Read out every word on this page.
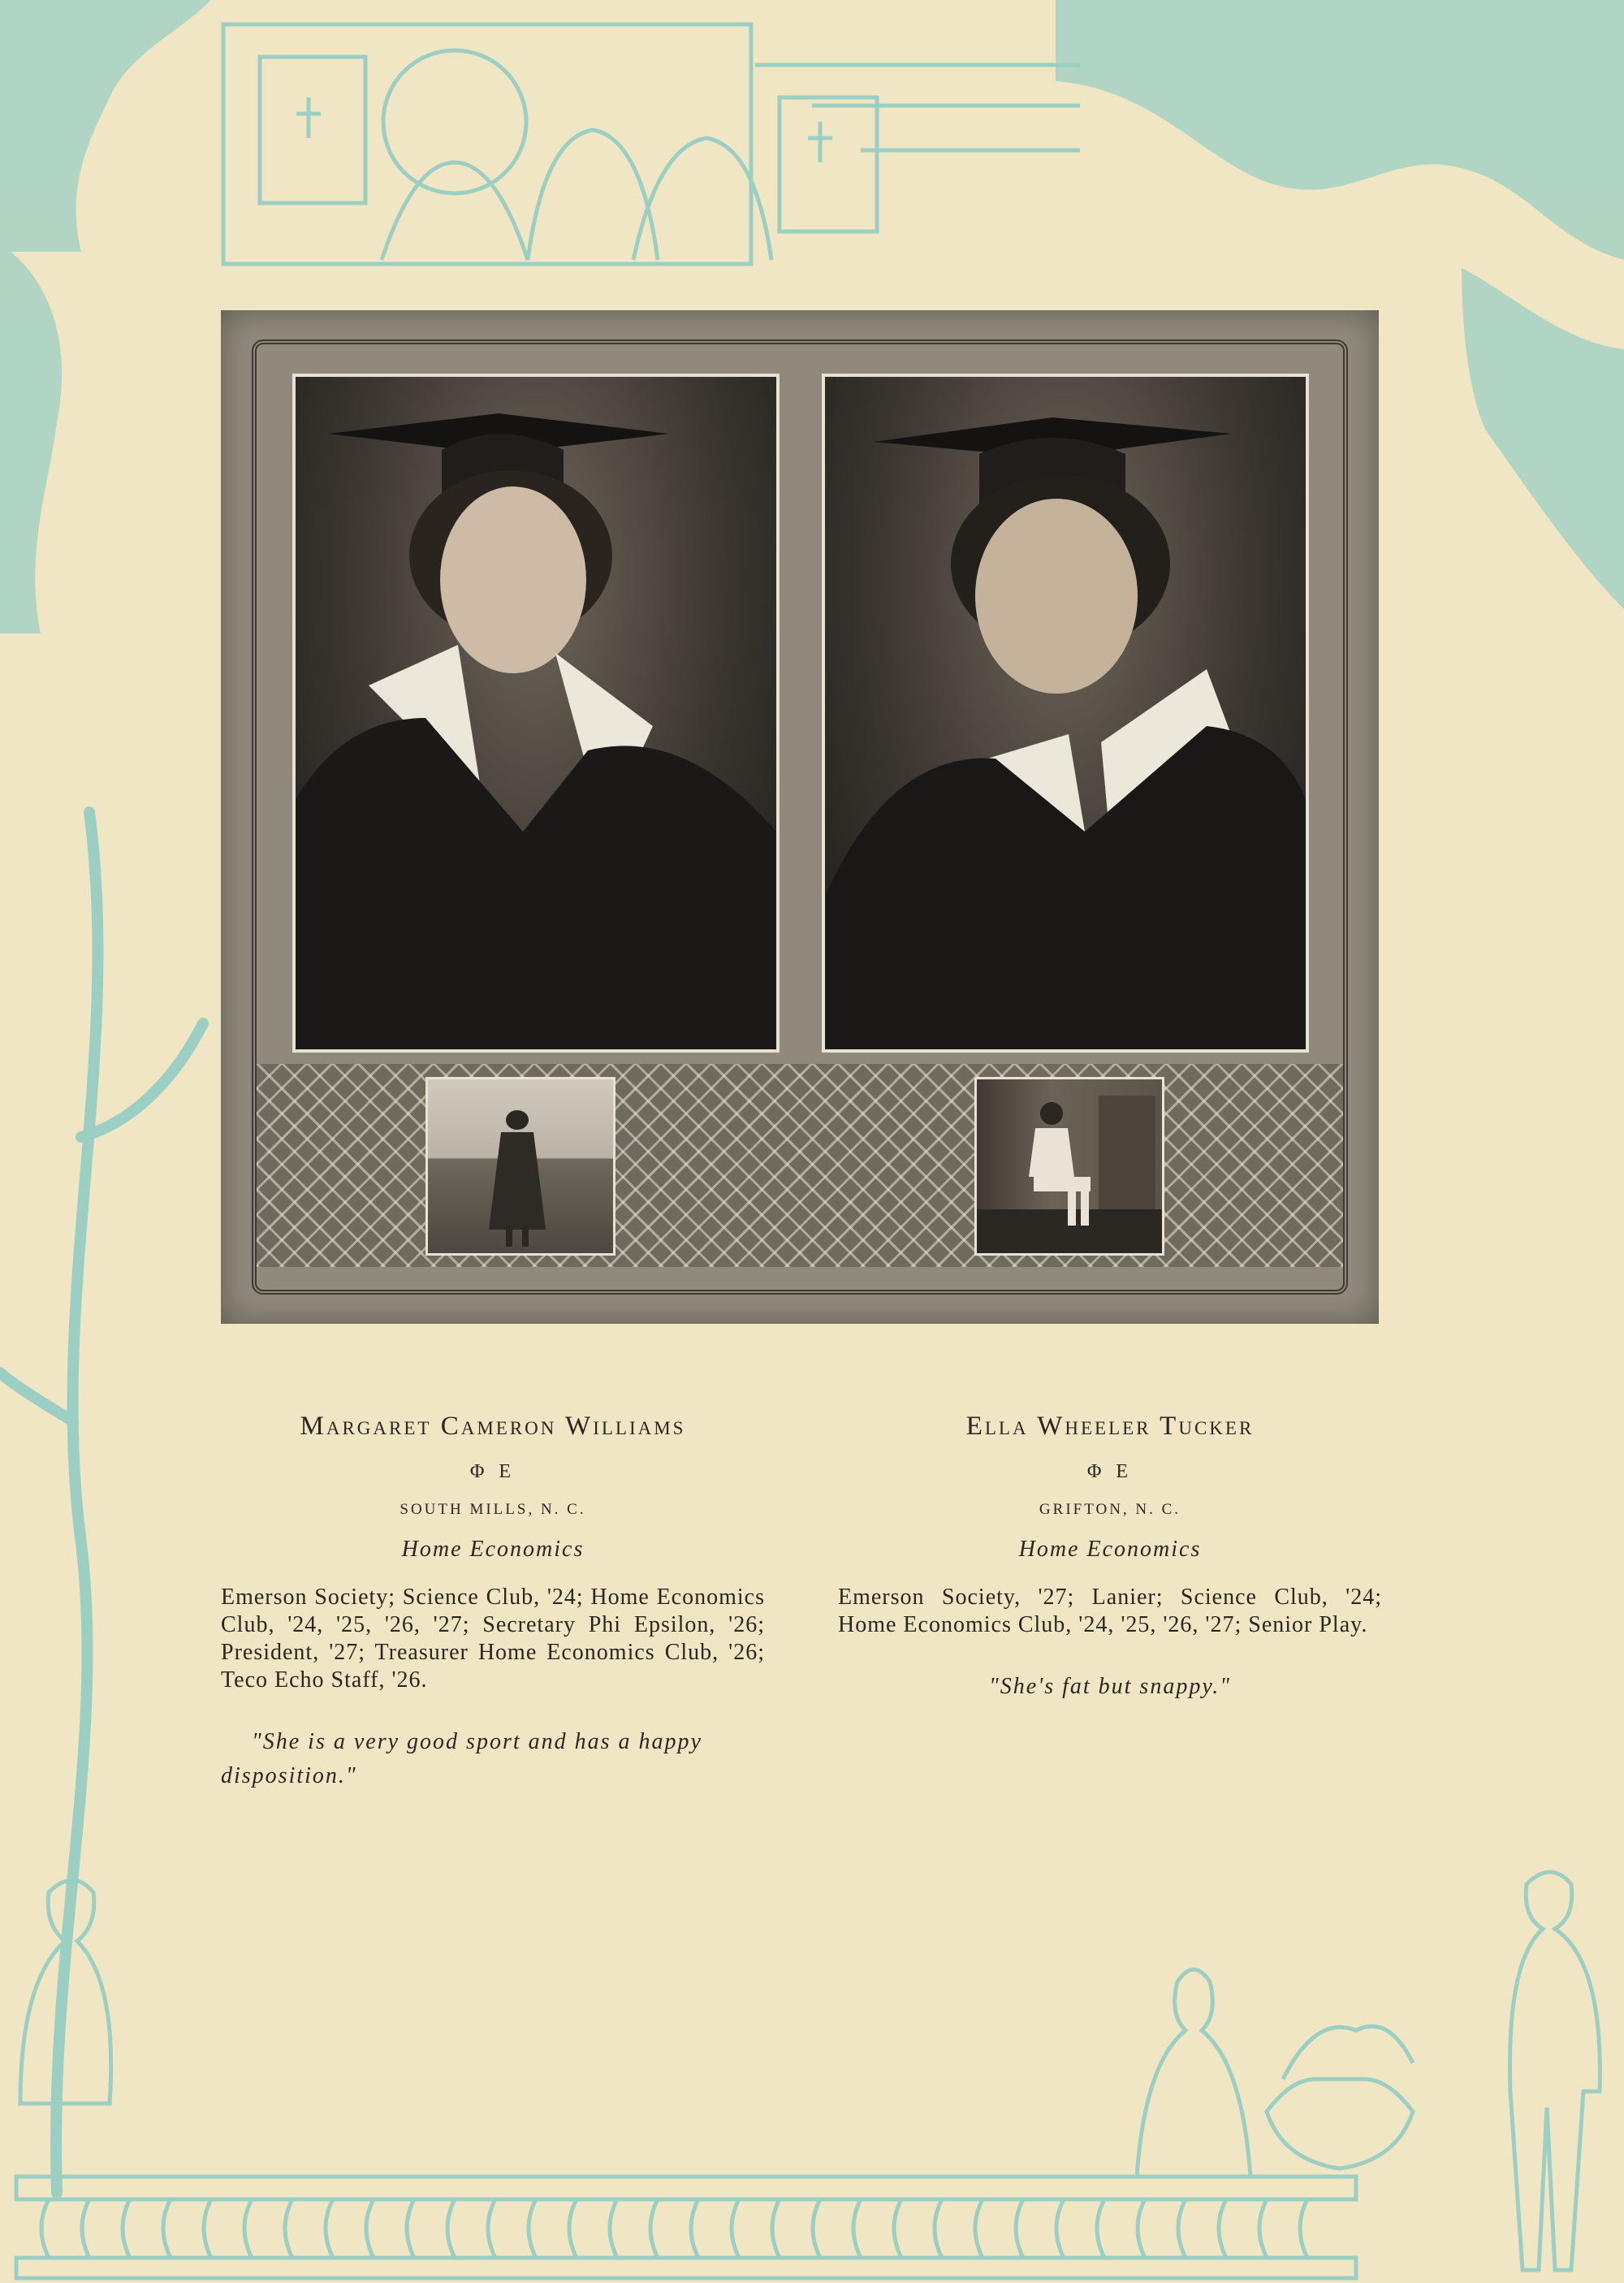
Margaret Cameron Williams

Φ E
SOUTH MILLS, N. C.
Home Economics
Emerson Society; Science Club, '24; Home Economics Club, '24, '25, '26, '27; Secretary Phi Epsilon, '26; President, '27; Treasurer Home Economics Club, '26; Teco Echo Staff, '26.
"She is a very good sport and has a happy disposition."

Ella Wheeler Tucker

Φ E
GRIFTON, N. C.
Home Economics
Emerson Society, '27; Lanier; Science Club, '24; Home Economics Club, '24, '25, '26, '27; Senior Play.
"She's fat but snappy."
